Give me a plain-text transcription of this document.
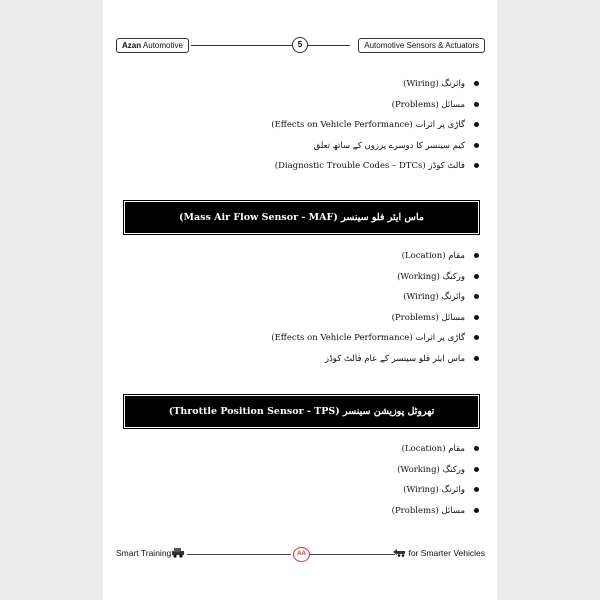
Azan Automotive	5	Automotive Sensors & Actuators
وائرنگ (Wiring)
مسائل (Problems)
گاڑی پر اثرات (Effects on Vehicle Performance)
کیم سینسر کا دوسرے پرزوں کے ساتھ تعلق
فالٹ کوڈز (Diagnostic Trouble Codes – DTCs)
ماس ایئر فلو سینسر (Mass Air Flow Sensor - MAF)
مقام (Location)
ورکنگ (Working)
وائرنگ (Wiring)
مسائل (Problems)
گاڑی پر اثرات (Effects on Vehicle Performance)
ماس ایئر فلو سینسر کے عام فالٹ کوڈز
تھروٹل پوزیشن سینسر (Throttle Position Sensor - TPS)
مقام (Location)
ورکنگ (Working)
وائرنگ (Wiring)
مسائل (Problems)
Smart Training	AA	for Smarter Vehicles
